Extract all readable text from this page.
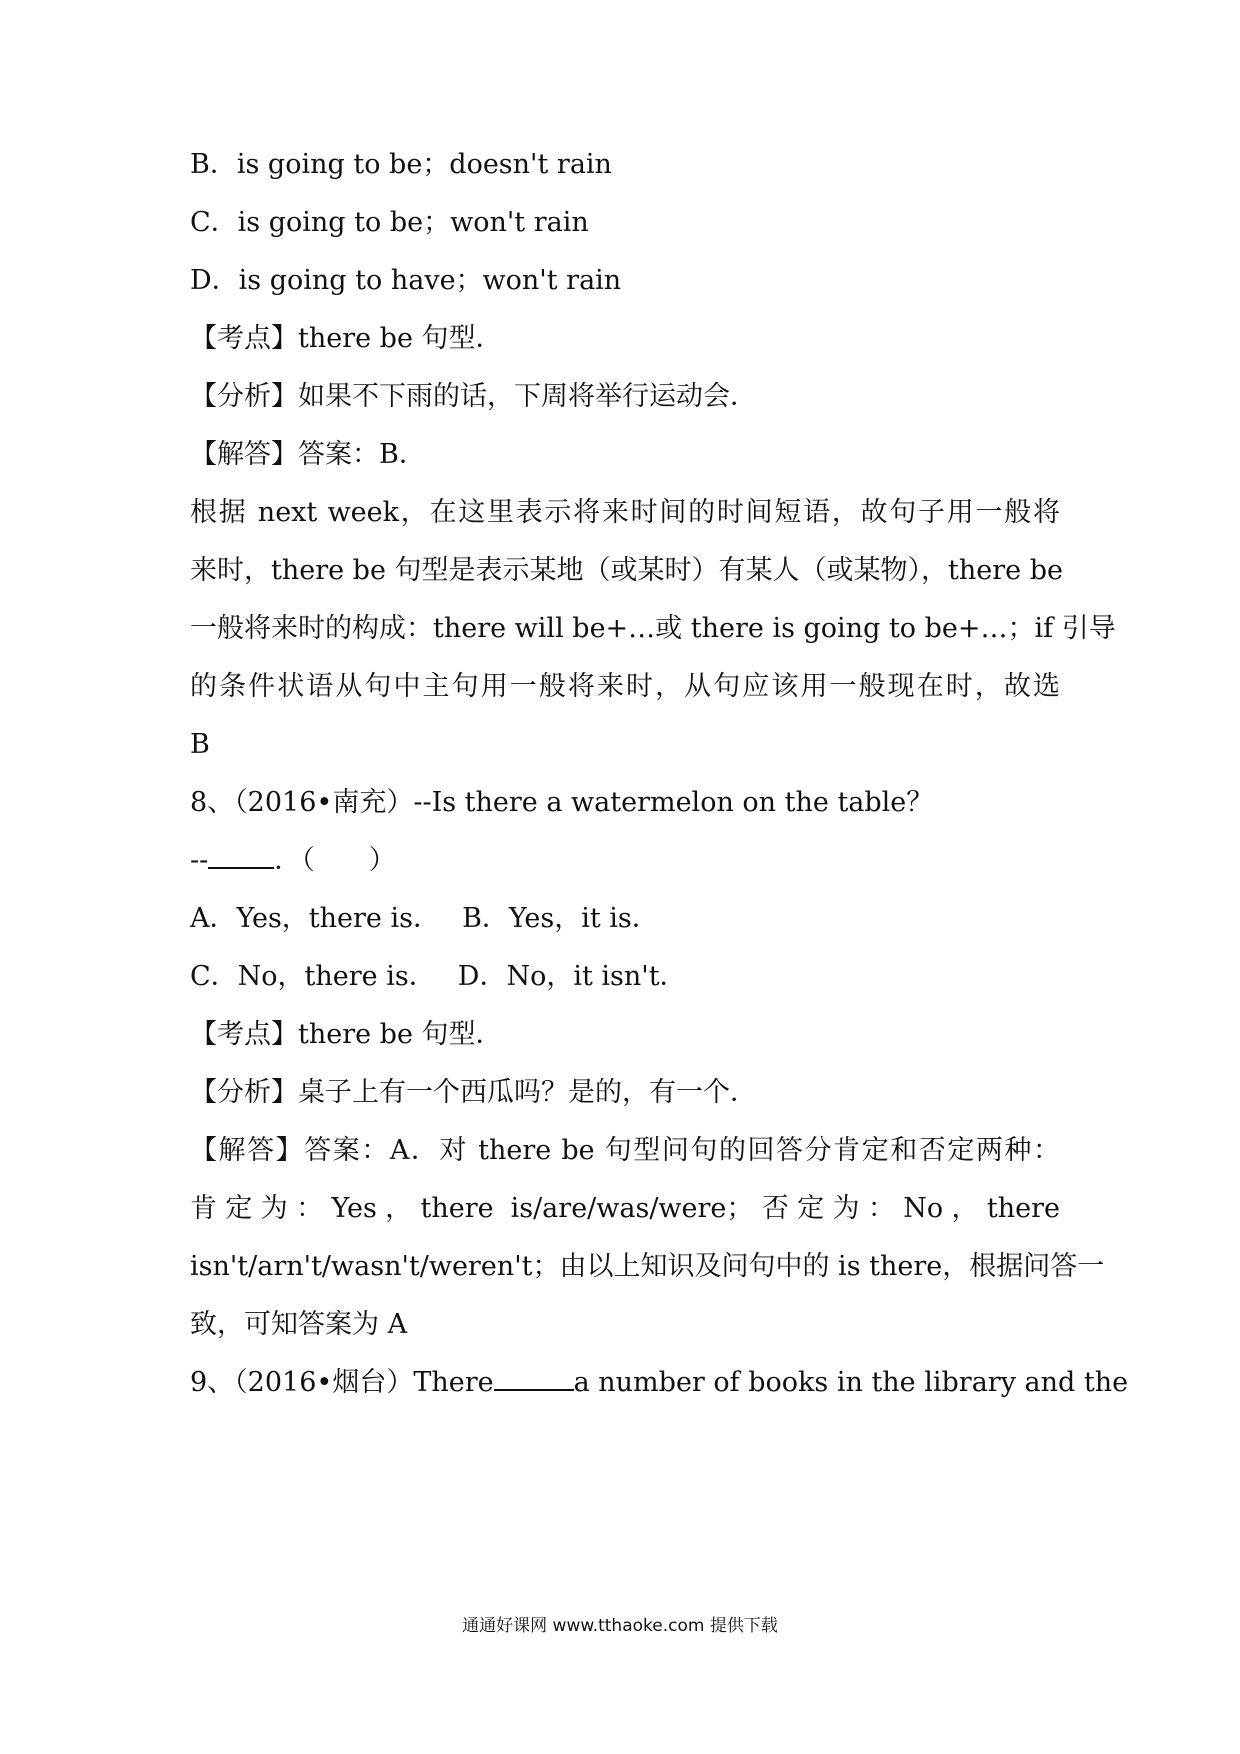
B．is going to be；doesn't rain
C．is going to be；won't rain
D．is going to have；won't rain
【考点】there be 句型．
【分析】如果不下雨的话，下周将举行运动会．
【解答】答案：B．
根据 next week，在这里表示将来时间的时间短语，故句子用一般将
来时，there be 句型是表示某地（或某时）有某人（或某物），there be
一般将来时的构成：there will be+…或 there is going to be+…；if 引导
的条件状语从句中主句用一般将来时，从句应该用一般现在时，故选
B
8、（2016•南充）--Is there a watermelon on the table？
-- ．（　　）
A．Yes，there is．　 B．Yes，it is．
C．No，there is．　 D．No，it isn't．
【考点】there be 句型．
【分析】桌子上有一个西瓜吗？是的，有一个．
【解答】答案：A．对 there be 句型问句的回答分肯定和否定两种：
肯定为：Yes，there is/are/was/were；否定为：No，there
isn't/arn't/wasn't/weren't；由以上知识及问句中的 is there，根据问答一
致，可知答案为 A
9、（2016•烟台）There	a number of books in the library and the
通通好课网 www.tthaoke.com 提供下载
